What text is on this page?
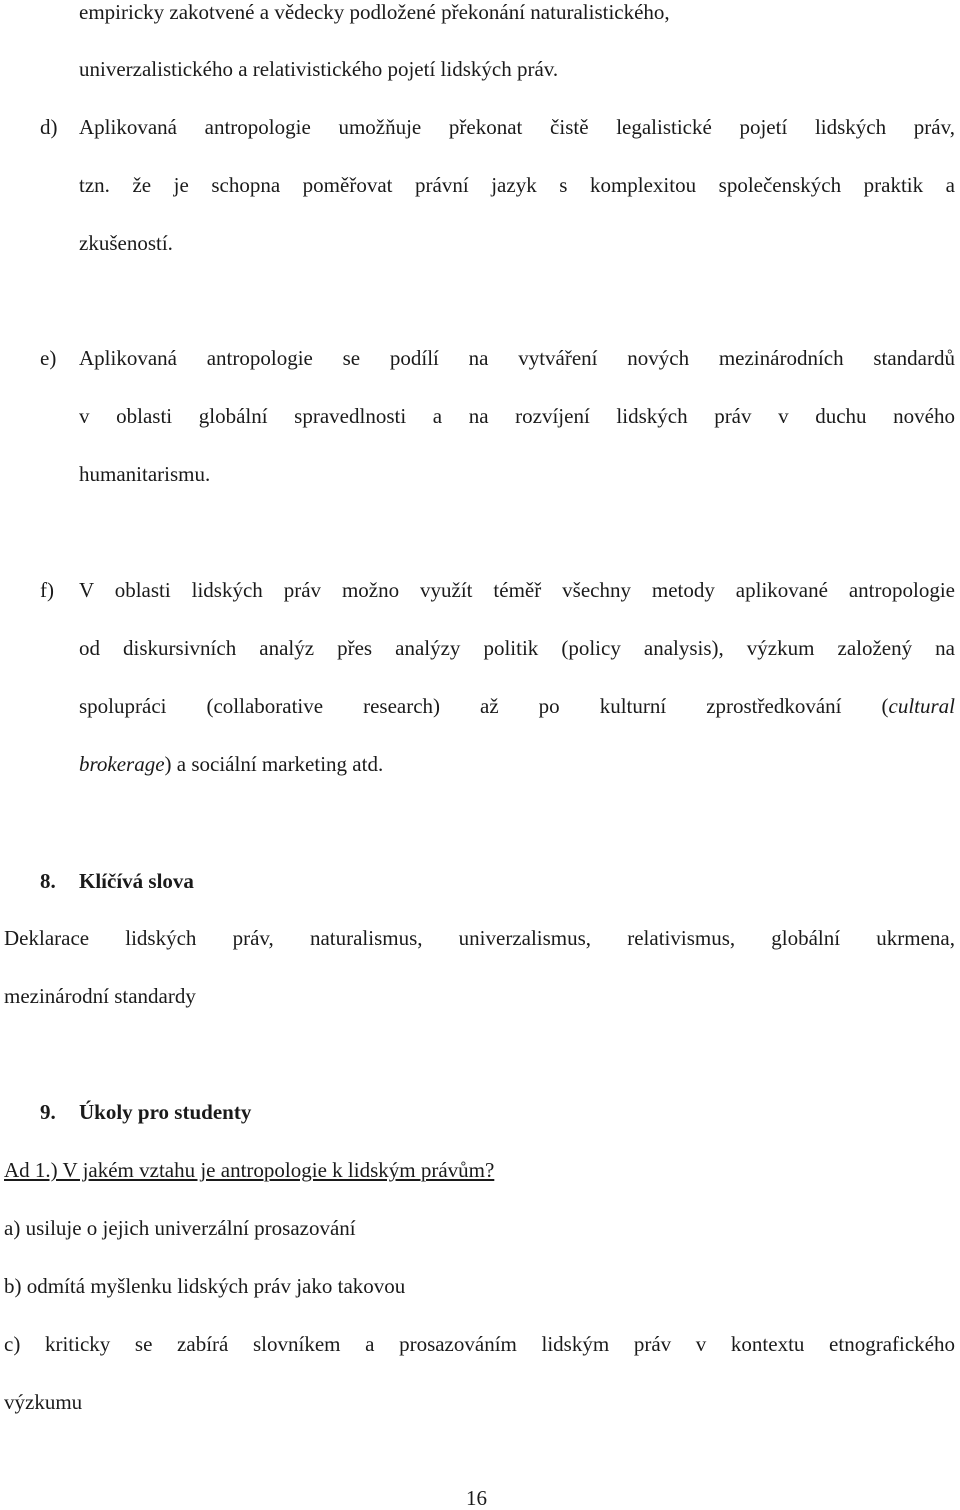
empiricky zakotvené a vědecky podložené překonání naturalistického,
univerzalistického a relativistického pojetí lidských práv.
d) Aplikovaná antropologie umožňuje překonat čistě legalistické pojetí lidských práv,
tzn. že je schopna poměřovat právní jazyk s komplexitou společenských praktik a
zkušeností.
e) Aplikovaná antropologie se podílí na vytváření nových mezinárodních standardů
v oblasti globální spravedlnosti a na rozvíjení lidských práv v duchu nového
humanitarismu.
f) V oblasti lidských práv možno využít téměř všechny metody aplikované antropologie
od diskursivních analýz přes analýzy politik (policy analysis), výzkum založený na
spolupráci (collaborative research) až po kulturní zprostředkování (cultural
brokerage) a sociální marketing atd.
8. Klíčívá slova
Deklarace lidských práv, naturalismus, univerzalismus, relativismus, globální ukrmena,
mezinárodní standardy
9. Úkoly pro studenty
Ad 1.) V jakém vztahu je antropologie k lidským právům?
a) usiluje o jejich univerzální prosazování
b) odmítá myšlenku lidských práv jako takovou
c) kriticky se zabírá slovníkem a prosazováním lidským práv v kontextu etnografického
výzkumu
16
